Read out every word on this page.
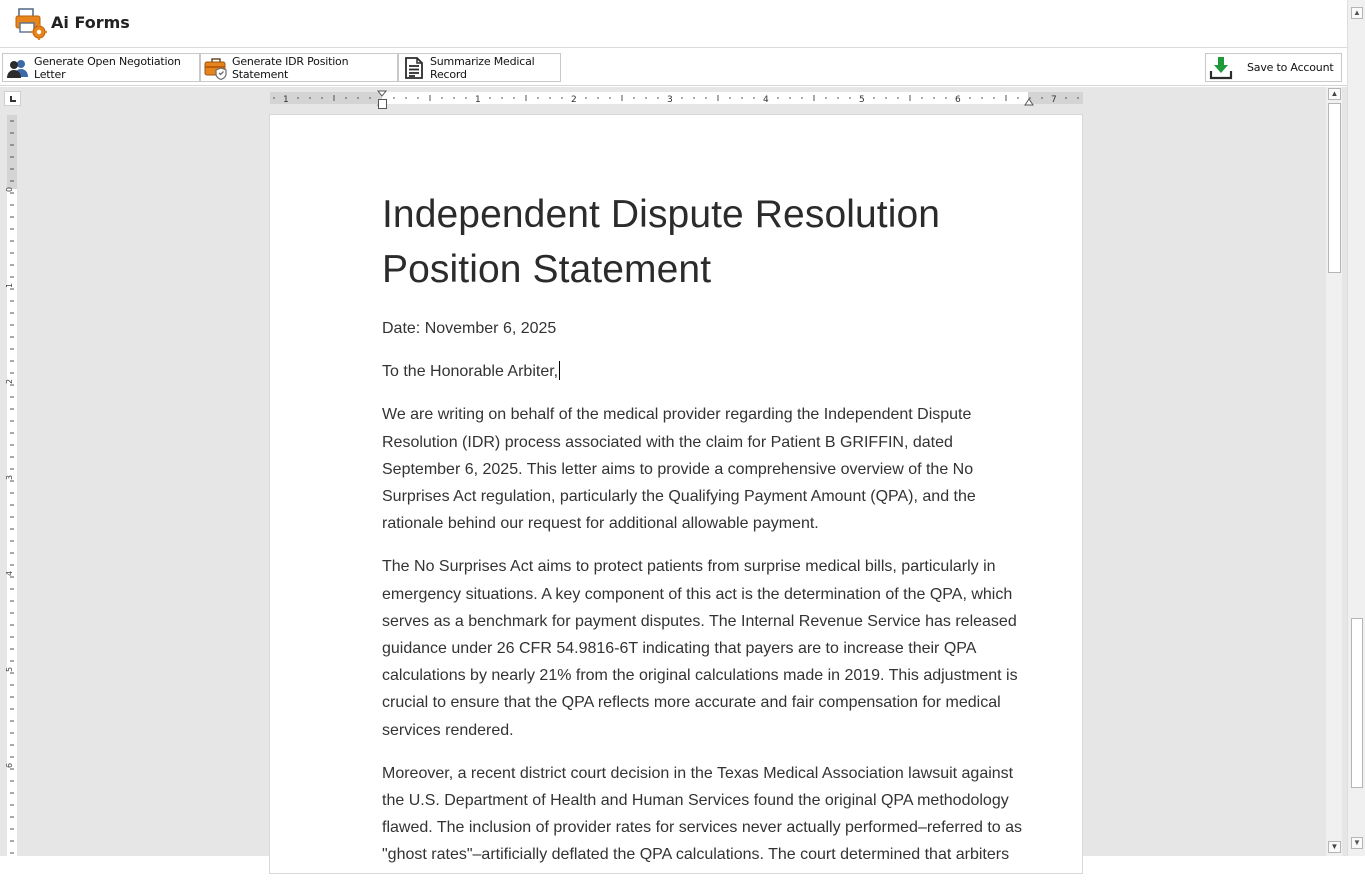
Ai Forms
Generate Open Negotiation Letter
Generate IDR Position Statement
Summarize Medical Record	Save to Account
0
1
2
3
4
5
6
1	1	2	3	4	5	6	7
Independent Dispute Resolution
Position Statement

Date: November 6, 2025

To the Honorable Arbiter,

We are writing on behalf of the medical provider regarding the Independent Dispute Resolution (IDR) process associated with the claim for Patient B GRIFFIN, dated September 6, 2025. This letter aims to provide a comprehensive overview of the No Surprises Act regulation, particularly the Qualifying Payment Amount (QPA), and the rationale behind our request for additional allowable payment.

The No Surprises Act aims to protect patients from surprise medical bills, particularly in emergency situations. A key component of this act is the determination of the QPA, which serves as a benchmark for payment disputes. The Internal Revenue Service has released guidance under 26 CFR 54.9816-6T indicating that payers are to increase their QPA calculations by nearly 21% from the original calculations made in 2019. This adjustment is crucial to ensure that the QPA reflects more accurate and fair compensation for medical services rendered.

Moreover, a recent district court decision in the Texas Medical Association lawsuit against the U.S. Department of Health and Human Services found the original QPA methodology flawed. The inclusion of provider rates for services never actually performed–referred to as "ghost rates"–artificially deflated the QPA calculations. The court determined that arbiters

▲
▼
▲
▼
